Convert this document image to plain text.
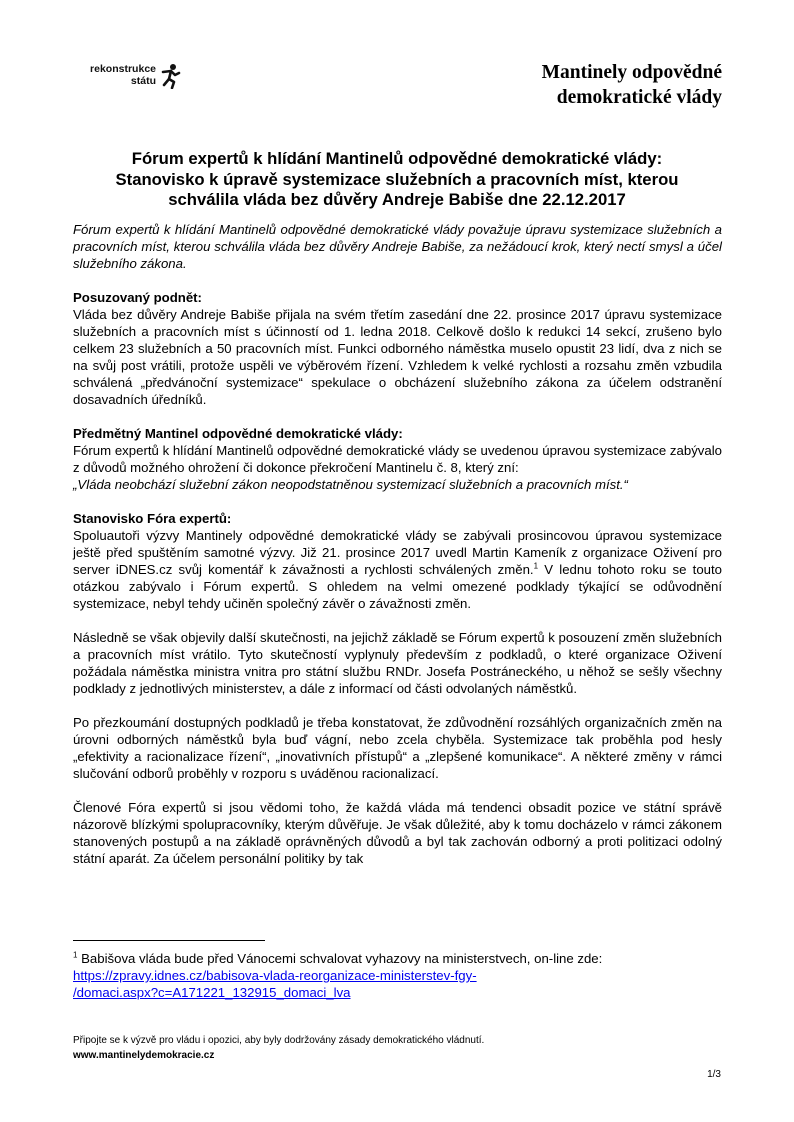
rekonstrukce
státu	Mantinely odpovědné
demokratické vlády
Fórum expertů k hlídání Mantinelů odpovědné demokratické vlády:
Stanovisko k úpravě systemizace služebních a pracovních míst, kterou
schválila vláda bez důvěry Andreje Babiše dne 22.12.2017

Fórum expertů k hlídání Mantinelů odpovědné demokratické vlády považuje úpravu systemizace služebních a pracovních míst, kterou schválila vláda bez důvěry Andreje Babiše, za nežádoucí krok, který nectí smysl a účel služebního zákona.

Posuzovaný podnět:

Vláda bez důvěry Andreje Babiše přijala na svém třetím zasedání dne 22. prosince 2017 úpravu systemizace služebních a pracovních míst s účinností od 1. ledna 2018. Celkově došlo k redukci 14 sekcí, zrušeno bylo celkem 23 služebních a 50 pracovních míst. Funkci odborného náměstka muselo opustit 23 lidí, dva z nich se na svůj post vrátili, protože uspěli ve výběrovém řízení. Vzhledem k velké rychlosti a rozsahu změn vzbudila schválená „předvánoční systemizace“ spekulace o obcházení služebního zákona za účelem odstranění dosavadních úředníků.

Předmětný Mantinel odpovědné demokratické vlády:

Fórum expertů k hlídání Mantinelů odpovědné demokratické vlády se uvedenou úpravou systemizace zabývalo z důvodů možného ohrožení či dokonce překročení Mantinelu č. 8, který zní:

„Vláda neobchází služební zákon neopodstatněnou systemizací služebních a pracovních míst.“

Stanovisko Fóra expertů:

Spoluautoři výzvy Mantinely odpovědné demokratické vlády se zabývali prosincovou úpravou systemizace ještě před spuštěním samotné výzvy. Již 21. prosince 2017 uvedl Martin Kameník z organizace Oživení pro server iDNES.cz svůj komentář k závažnosti a rychlosti schválených změn.$^1$ V lednu tohoto roku se touto otázkou zabývalo i Fórum expertů. S ohledem na velmi omezené podklady týkající se odůvodnění systemizace, nebyl tehdy učiněn společný závěr o závažnosti změn.

Následně se však objevily další skutečnosti, na jejichž základě se Fórum expertů k posouzení změn služebních a pracovních míst vrátilo. Tyto skutečností vyplynuly především z podkladů, o které organizace Oživení požádala náměstka ministra vnitra pro státní službu RNDr. Josefa Postráneckého, u něhož se sešly všechny podklady z jednotlivých ministerstev, a dále z informací od části odvolaných náměstků.

Po přezkoumání dostupných podkladů je třeba konstatovat, že zdůvodnění rozsáhlých organizačních změn na úrovni odborných náměstků byla buď vágní, nebo zcela chyběla. Systemizace tak proběhla pod hesly „efektivity a racionalizace řízení“, „inovativních přístupů“ a „zlepšené komunikace“. A některé změny v rámci slučování odborů proběhly v rozporu s uváděnou racionalizací.

Členové Fóra expertů si jsou vědomi toho, že každá vláda má tendenci obsadit pozice ve státní správě názorově blízkými spolupracovníky, kterým důvěřuje. Je však důležité, aby k tomu docházelo v rámci zákonem stanovených postupů a na základě oprávněných důvodů a byl tak zachován odborný a proti politizaci odolný státní aparát. Za účelem personální politiky by tak

$^1$ Babišova vláda bude před Vánocemi schvalovat vyhazovy na ministerstvech, on-line zde:
https://zpravy.idnes.cz/babisova-vlada-reorganizace-ministerstev-fgy-
/domaci.aspx?c=A171221_132915_domaci_lva
Připojte se k výzvě pro vládu i opozici, aby byly dodržovány zásady demokratického vládnutí.
www.mantinelydemokracie.cz
1/3
